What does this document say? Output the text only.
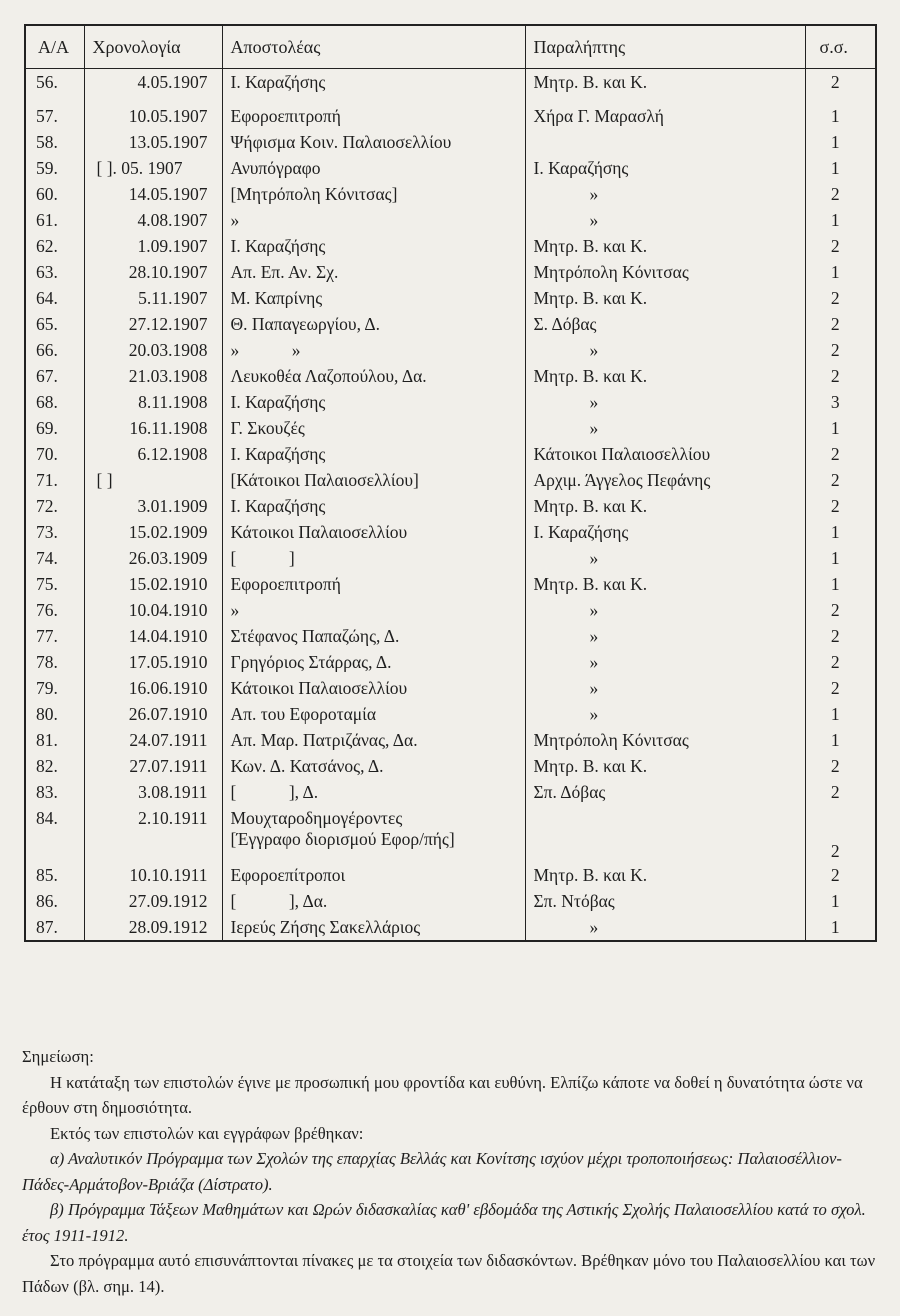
Α/Α	Χρονολογία	Αποστολέας	Παραλήπτης	σ.σ.
56.	4.05.1907	Ι. Καραζήσης	Μητρ. Β. και Κ.	2
57.	10.05.1907	Εφοροεπιτροπή	Χήρα Γ. Μαρασλή	1
58.	13.05.1907	Ψήφισμα Κοιν. Παλαιοσελλίου		1
59.	[ ]. 05. 1907	Ανυπόγραφο	Ι. Καραζήσης	1
60.	14.05.1907	[Μητρόπολη Κόνιτσας]	»	2
61.	4.08.1907	»	»	1
62.	1.09.1907	Ι. Καραζήσης	Μητρ. Β. και Κ.	2
63.	28.10.1907	Απ. Επ. Αν. Σχ.	Μητρόπολη Κόνιτσας	1
64.	5.11.1907	Μ. Καπρίνης	Μητρ. Β. και Κ.	2
65.	27.12.1907	Θ. Παπαγεωργίου, Δ.	Σ. Δόβας	2
66.	20.03.1908	»            »	»	2
67.	21.03.1908	Λευκοθέα Λαζοπούλου, Δα.	Μητρ. Β. και Κ.	2
68.	8.11.1908	Ι. Καραζήσης	»	3
69.	16.11.1908	Γ. Σκουζές	»	1
70.	6.12.1908	Ι. Καραζήσης	Κάτοικοι Παλαιοσελλίου	2
71.	[ ]	[Κάτοικοι Παλαιοσελλίου]	Αρχιμ. Άγγελος Πεφάνης	2
72.	3.01.1909	Ι. Καραζήσης	Μητρ. Β. και Κ.	2
73.	15.02.1909	Κάτοικοι Παλαιοσελλίου	Ι. Καραζήσης	1
74.	26.03.1909	[            ]	»	1
75.	15.02.1910	Εφοροεπιτροπή	Μητρ. Β. και Κ.	1
76.	10.04.1910	»	»	2
77.	14.04.1910	Στέφανος Παπαζώης, Δ.	»	2
78.	17.05.1910	Γρηγόριος Στάρρας, Δ.	»	2
79.	16.06.1910	Κάτοικοι Παλαιοσελλίου	»	2
80.	26.07.1910	Απ. του Εφοροταμία	»	1
81.	24.07.1911	Απ. Μαρ. Πατριζάνας, Δα.	Μητρόπολη Κόνιτσας	1
82.	27.07.1911	Κων. Δ. Κατσάνος, Δ.	Μητρ. Β. και Κ.	2
83.	3.08.1911	[            ], Δ.	Σπ. Δόβας	2
84.	2.10.1911	Μουχταροδημογέροντες
[Έγγραφο διορισμού Εφορ/πής]		2
85.	10.10.1911	Εφοροεπίτροποι	Μητρ. Β. και Κ.	2
86.	27.09.1912	[            ], Δα.	Σπ. Ντόβας	1
87.	28.09.1912	Ιερεύς Ζήσης Σακελλάριος	»	1

Σημείωση:

Η κατάταξη των επιστολών έγινε με προσωπική μου φροντίδα και ευθύνη. Ελπίζω κάποτε να δοθεί η δυνατότητα ώστε να έρθουν στη δημοσιότητα.

Εκτός των επιστολών και εγγράφων βρέθηκαν:

α) Αναλυτικόν Πρόγραμμα των Σχολών της επαρχίας Βελλάς και Κονίτσης ισχύον μέχρι τροποποιήσεως: Παλαιοσέλλιον-Πάδες-Αρμάτοβον-Βριάζα (Δίστρατο).

β) Πρόγραμμα Τάξεων Μαθημάτων και Ωρών διδασκαλίας καθ' εβδομάδα της Αστικής Σχολής Παλαιοσελλίου κατά το σχολ. έτος 1911-1912.

Στο πρόγραμμα αυτό επισυνάπτονται πίνακες με τα στοιχεία των διδασκόντων. Βρέθηκαν μόνο του Παλαιοσελλίου και των Πάδων (βλ. σημ. 14).
